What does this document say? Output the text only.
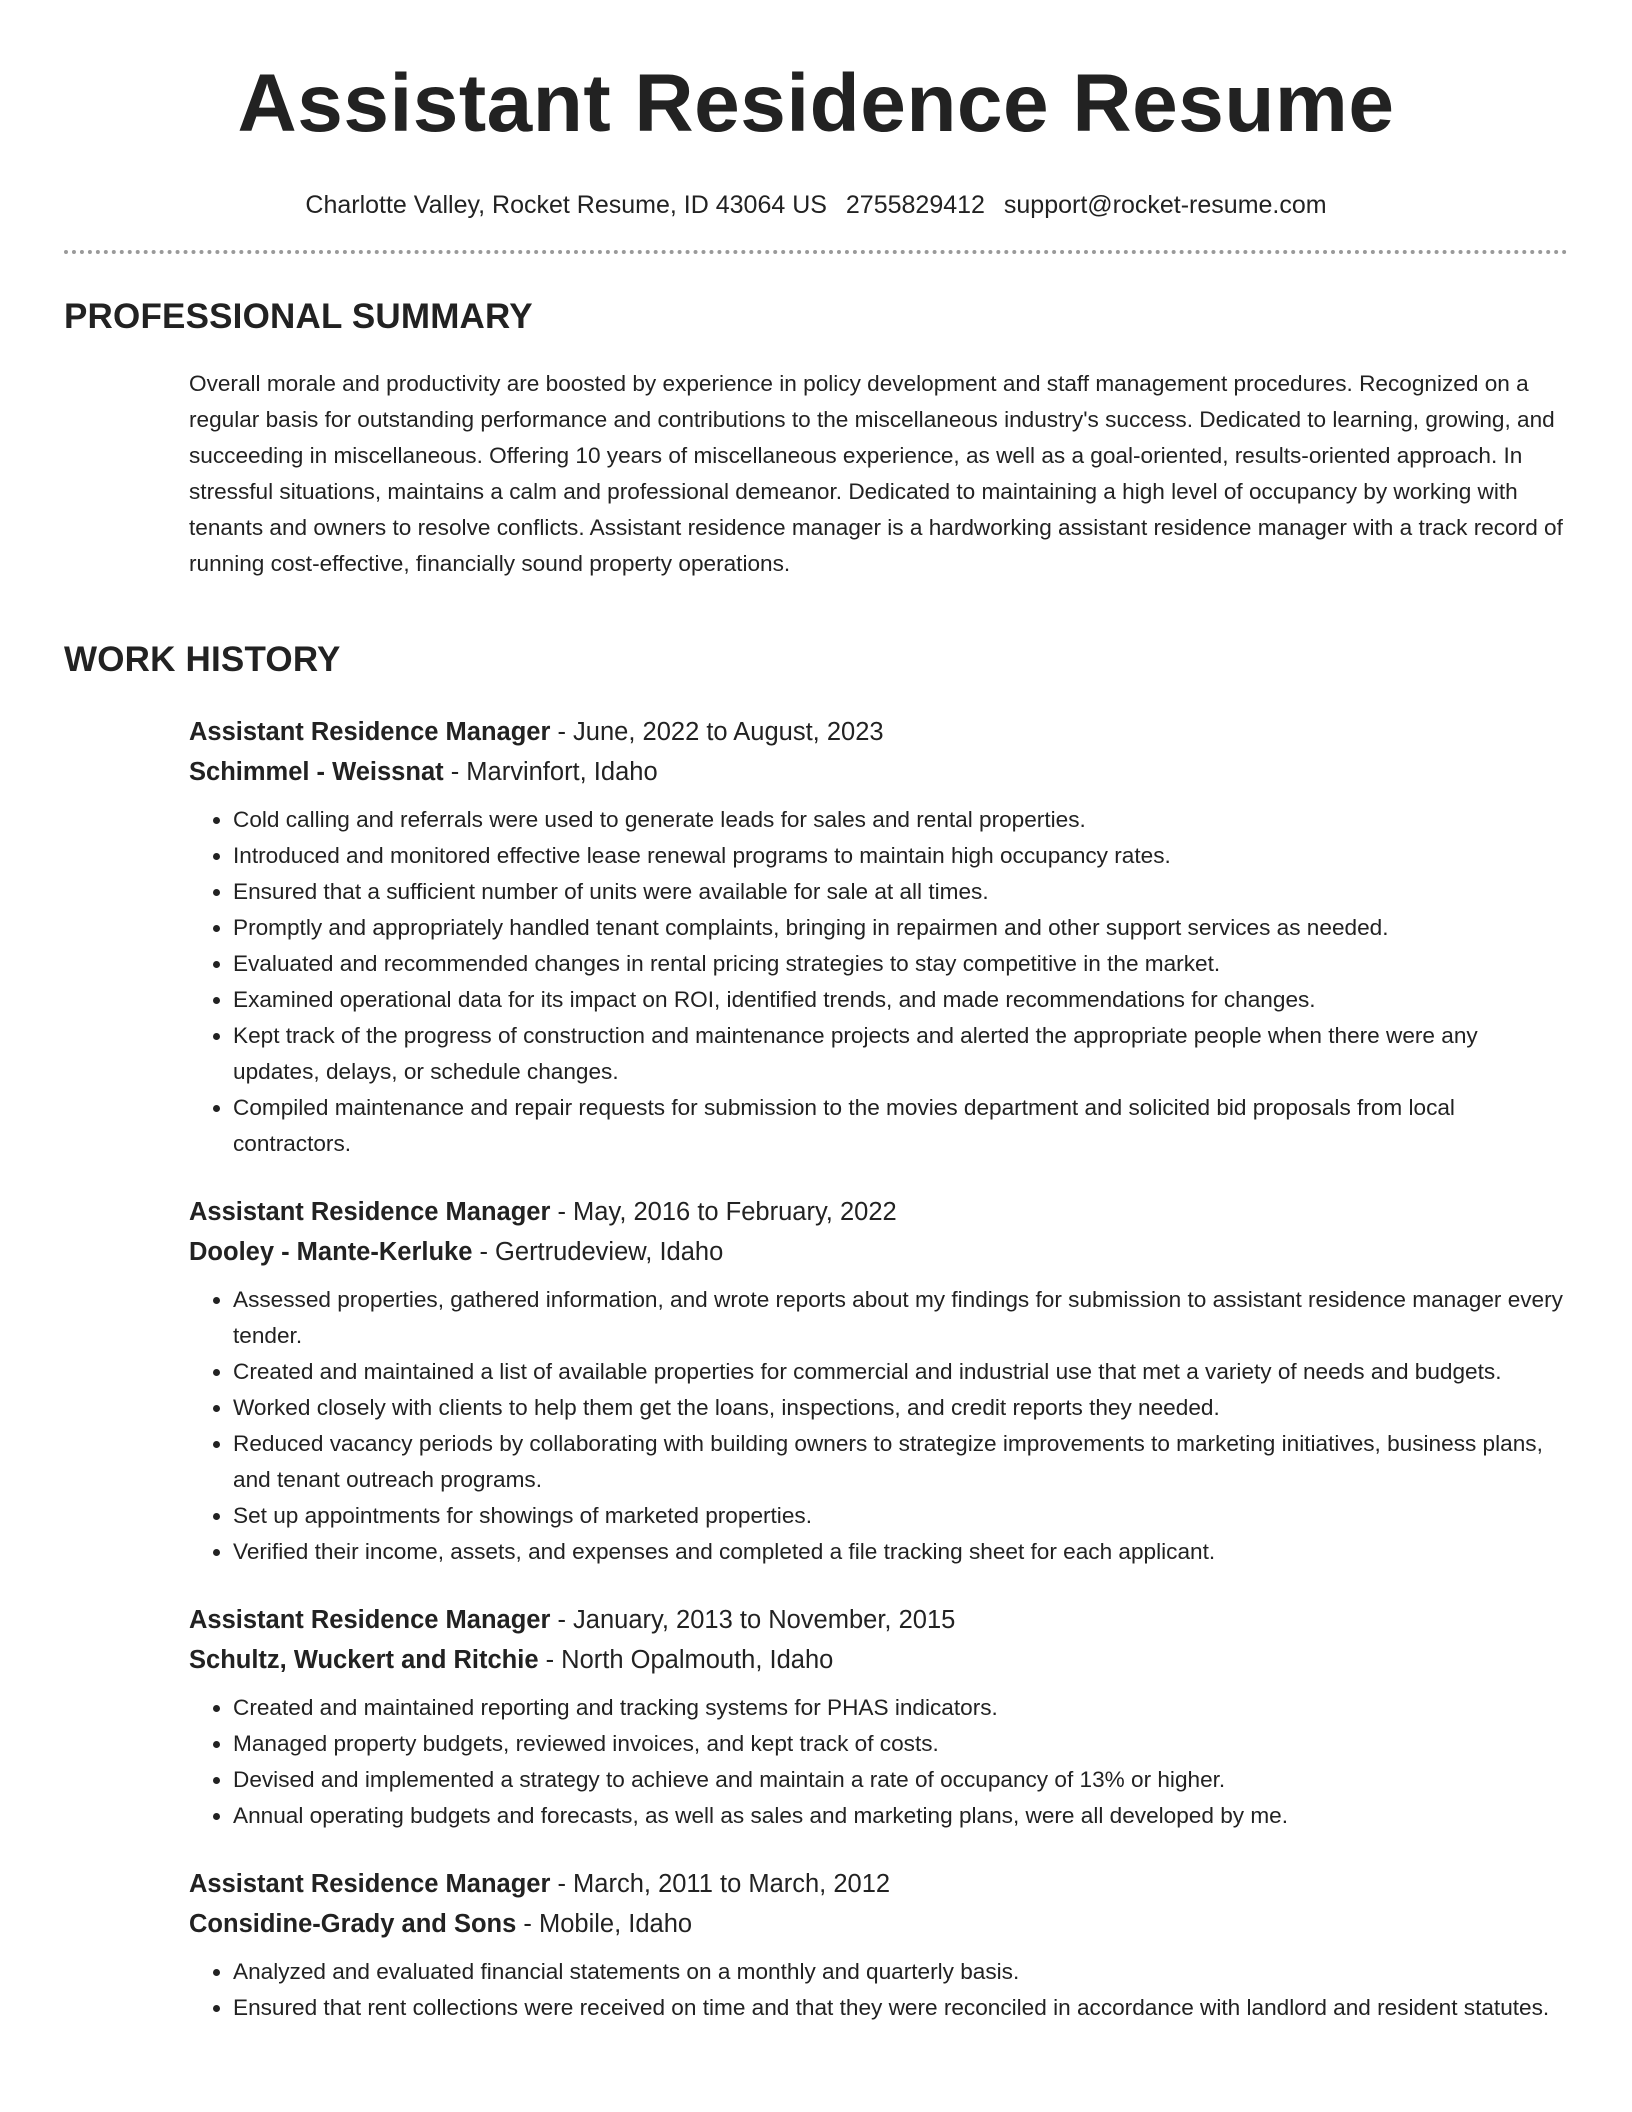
Assistant Residence Resume
Charlotte Valley, Rocket Resume, ID 43064 US 2755829412 support@rocket-resume.com
PROFESSIONAL SUMMARY

Overall morale and productivity are boosted by experience in policy development and staff management procedures. Recognized on a regular basis for outstanding performance and contributions to the miscellaneous industry's success. Dedicated to learning, growing, and succeeding in miscellaneous. Offering 10 years of miscellaneous experience, as well as a goal-oriented, results-oriented approach. In stressful situations, maintains a calm and professional demeanor. Dedicated to maintaining a high level of occupancy by working with tenants and owners to resolve conflicts. Assistant residence manager is a hardworking assistant residence manager with a track record of running cost-effective, financially sound property operations.

WORK HISTORY
Assistant Residence Manager - June, 2022 to August, 2023
Schimmel - Weissnat - Marvinfort, Idaho
• Cold calling and referrals were used to generate leads for sales and rental properties.
• Introduced and monitored effective lease renewal programs to maintain high occupancy rates.
• Ensured that a sufficient number of units were available for sale at all times.
• Promptly and appropriately handled tenant complaints, bringing in repairmen and other support services as needed.
• Evaluated and recommended changes in rental pricing strategies to stay competitive in the market.
• Examined operational data for its impact on ROI, identified trends, and made recommendations for changes.
• Kept track of the progress of construction and maintenance projects and alerted the appropriate people when there were any updates, delays, or schedule changes.
• Compiled maintenance and repair requests for submission to the movies department and solicited bid proposals from local contractors.
Assistant Residence Manager - May, 2016 to February, 2022
Dooley - Mante-Kerluke - Gertrudeview, Idaho
• Assessed properties, gathered information, and wrote reports about my findings for submission to assistant residence manager every tender.
• Created and maintained a list of available properties for commercial and industrial use that met a variety of needs and budgets.
• Worked closely with clients to help them get the loans, inspections, and credit reports they needed.
• Reduced vacancy periods by collaborating with building owners to strategize improvements to marketing initiatives, business plans, and tenant outreach programs.
• Set up appointments for showings of marketed properties.
• Verified their income, assets, and expenses and completed a file tracking sheet for each applicant.
Assistant Residence Manager - January, 2013 to November, 2015
Schultz, Wuckert and Ritchie - North Opalmouth, Idaho
• Created and maintained reporting and tracking systems for PHAS indicators.
• Managed property budgets, reviewed invoices, and kept track of costs.
• Devised and implemented a strategy to achieve and maintain a rate of occupancy of 13% or higher.
• Annual operating budgets and forecasts, as well as sales and marketing plans, were all developed by me.
Assistant Residence Manager - March, 2011 to March, 2012
Considine-Grady and Sons - Mobile, Idaho
• Analyzed and evaluated financial statements on a monthly and quarterly basis.
• Ensured that rent collections were received on time and that they were reconciled in accordance with landlord and resident statutes.
